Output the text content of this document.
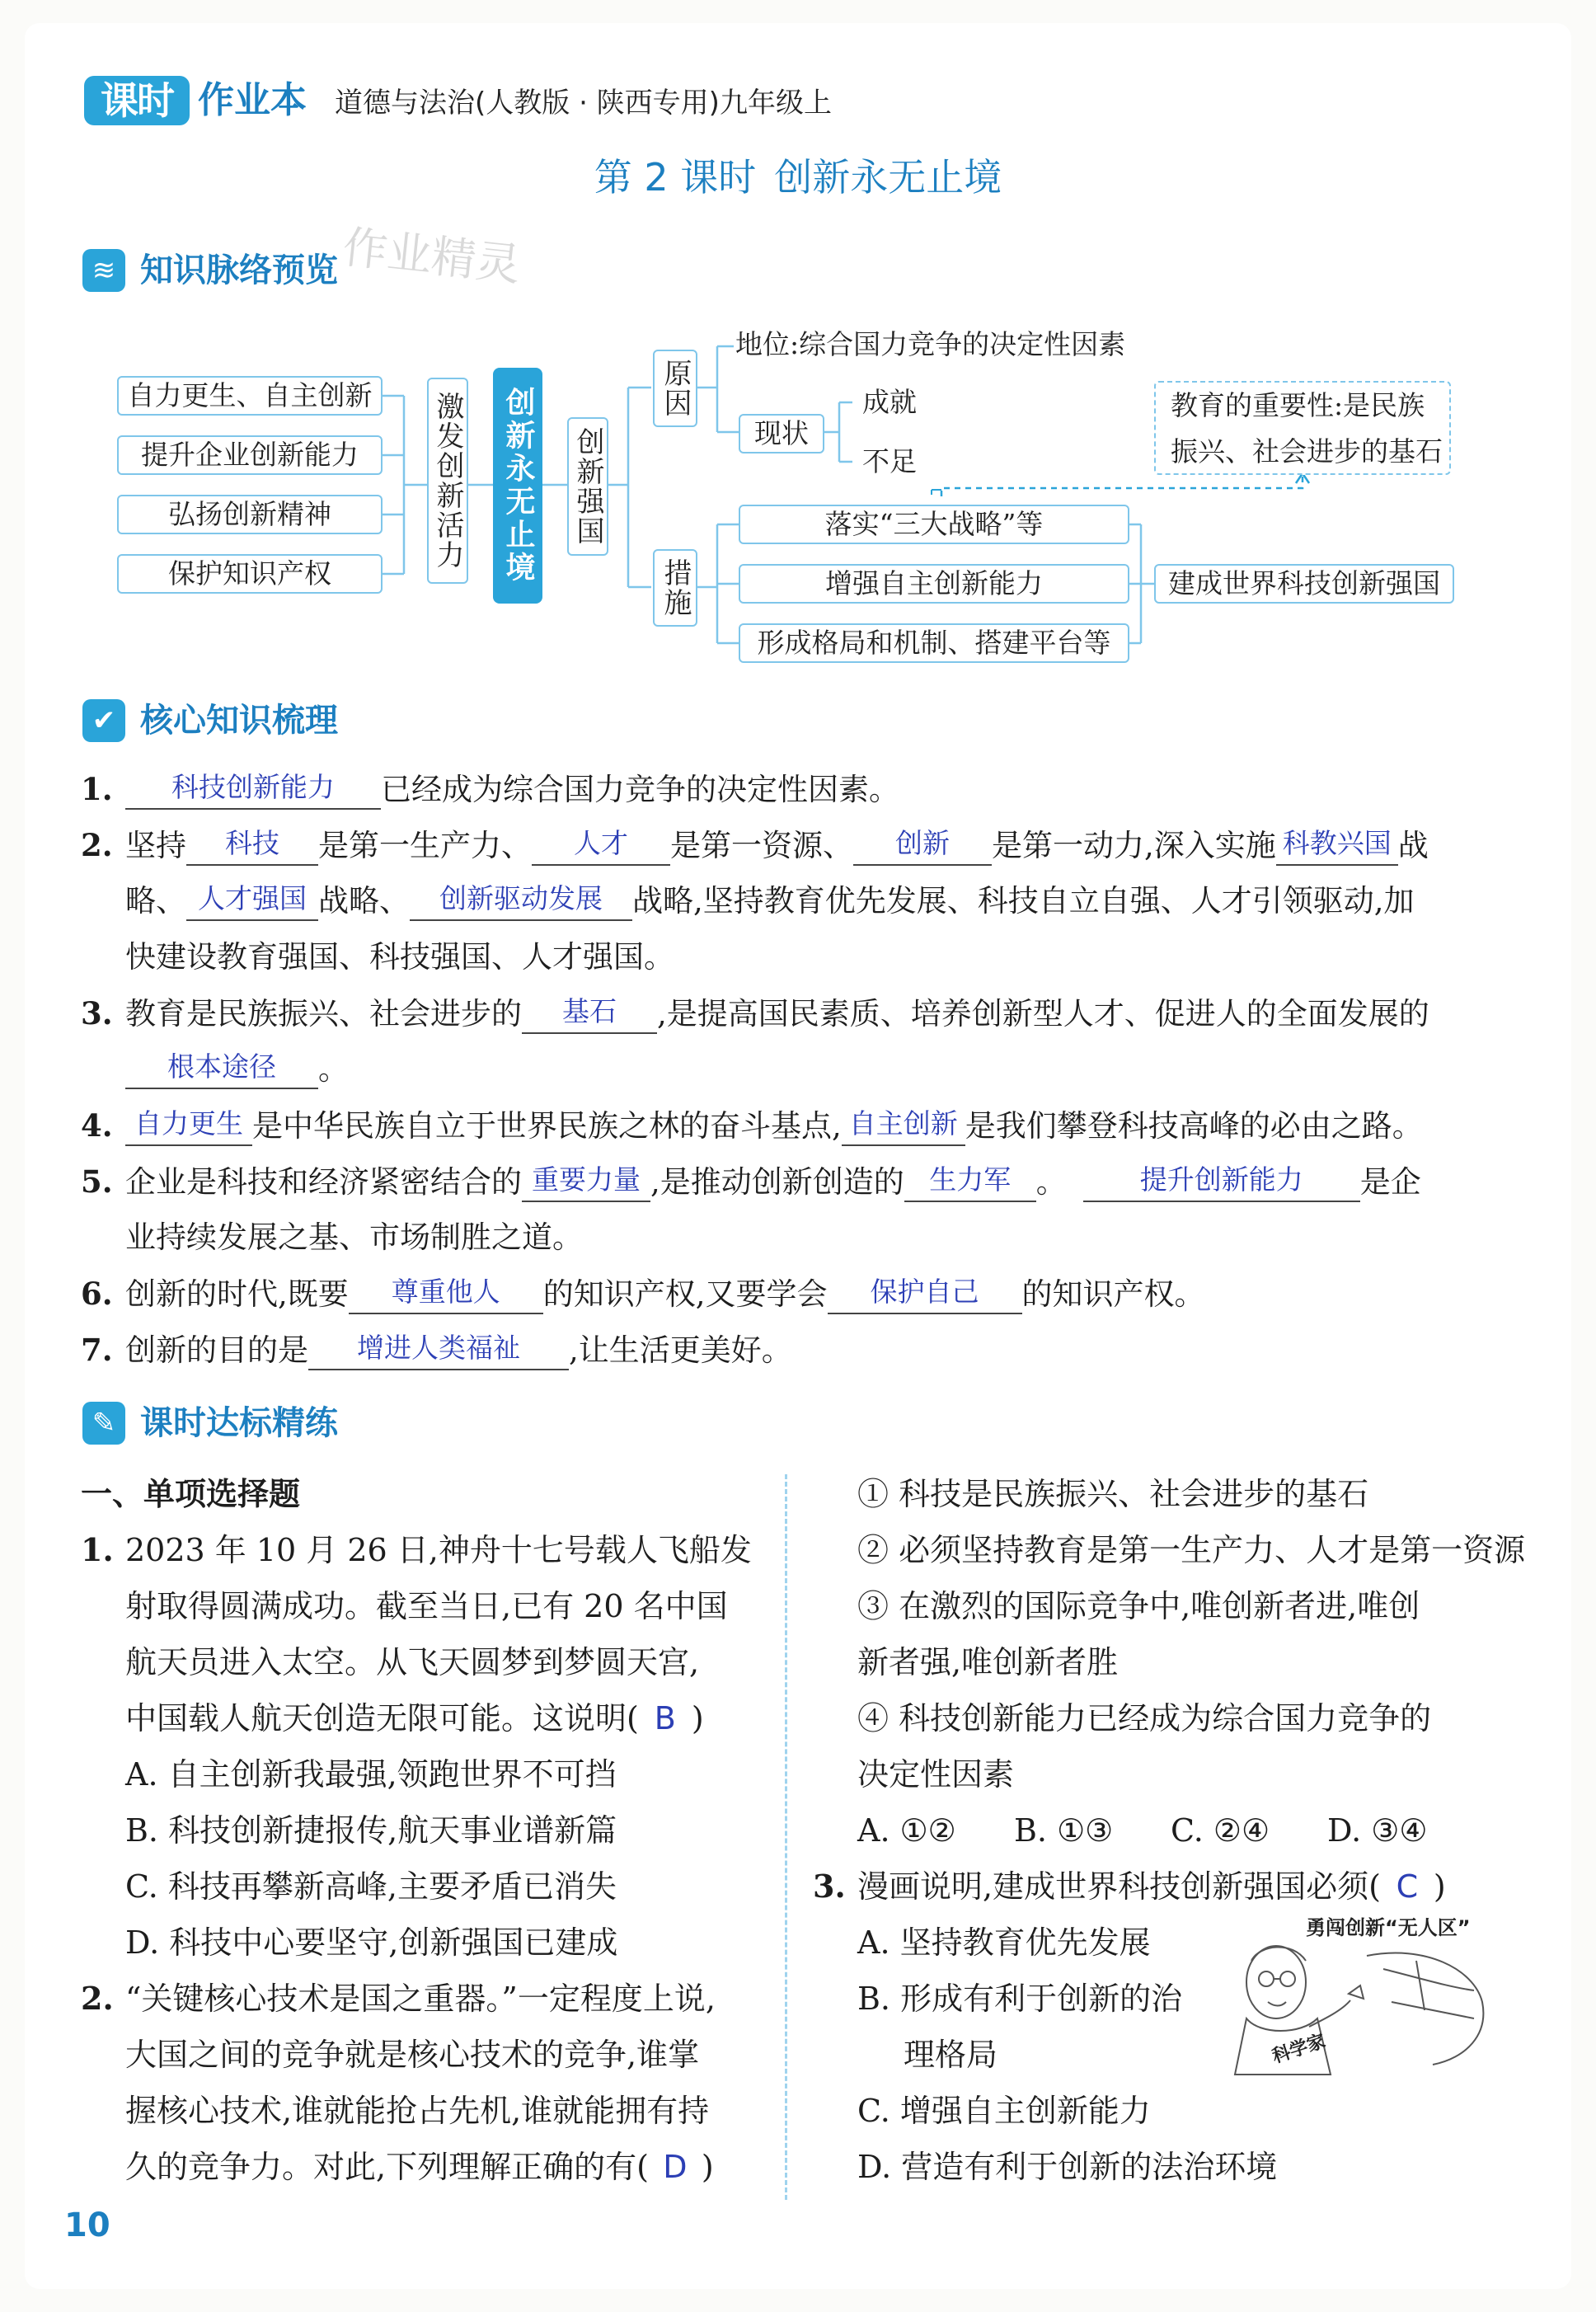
课时 作业本 道德与法治(人教版 · 陕西专用)九年级上
第 2 课时 创新永无止境
≋ 知识脉络预览 作业精灵
自力更生、自主创新
提升企业创新能力
弘扬创新精神
保护知识产权
激发创新活力 创新永无止境 创新强国
原因
措施
地位:综合国力竞争的决定性因素
现状
成就
不足
教育的重要性:是民族
振兴、社会进步的基石
落实“三大战略”等
增强自主创新能力
形成格局和机制、搭建平台等
建成世界科技创新强国
✔ 核心知识梳理
1. 科技创新能力 已经成为综合国力竞争的决定性因素。
2. 坚持 科技 是第一生产力、 人才 是第一资源、 创新 是第一动力,深入实施 科教兴国 战
略、 人才强国 战略、 创新驱动发展 战略,坚持教育优先发展、科技自立自强、人才引领驱动,加
快建设教育强国、科技强国、人才强国。
3. 教育是民族振兴、社会进步的 基石 ,是提高国民素质、培养创新型人才、促进人的全面发展的
根本途径 。
4. 自力更生 是中华民族自立于世界民族之林的奋斗基点, 自主创新 是我们攀登科技高峰的必由之路。
5. 企业是科技和经济紧密结合的 重要力量 ,是推动创新创造的 生力军 。	提升创新能力 是企
业持续发展之基、市场制胜之道。
6. 创新的时代,既要 尊重他人 的知识产权,又要学会 保护自己 的知识产权。
7. 创新的目的是 增进人类福祉 ,让生活更美好。
✎ 课时达标精练
一、单项选择题
1. 2023 年 10 月 26 日,神舟十七号载人飞船发
射取得圆满成功。截至当日,已有 20 名中国
航天员进入太空。从飞天圆梦到梦圆天宫,
中国载人航天创造无限可能。这说明( B )
A. 自主创新我最强,领跑世界不可挡
B. 科技创新捷报传,航天事业谱新篇
C. 科技再攀新高峰,主要矛盾已消失
D. 科技中心要坚守,创新强国已建成
2. “关键核心技术是国之重器。”一定程度上说,
大国之间的竞争就是核心技术的竞争,谁掌
握核心技术,谁就能抢占先机,谁就能拥有持
久的竞争力。对此,下列理解正确的有( D )
① 科技是民族振兴、社会进步的基石
② 必须坚持教育是第一生产力、人才是第一资源
③ 在激烈的国际竞争中,唯创新者进,唯创
新者强,唯创新者胜
④ 科技创新能力已经成为综合国力竞争的
决定性因素
A. ①② B. ①③ C. ②④ D. ③④
3. 漫画说明,建成世界科技创新强国必须( C )
A. 坚持教育优先发展
B. 形成有利于创新的治
理格局
C. 增强自主创新能力
D. 营造有利于创新的法治环境
勇闯创新“无人区”
科学家
10
